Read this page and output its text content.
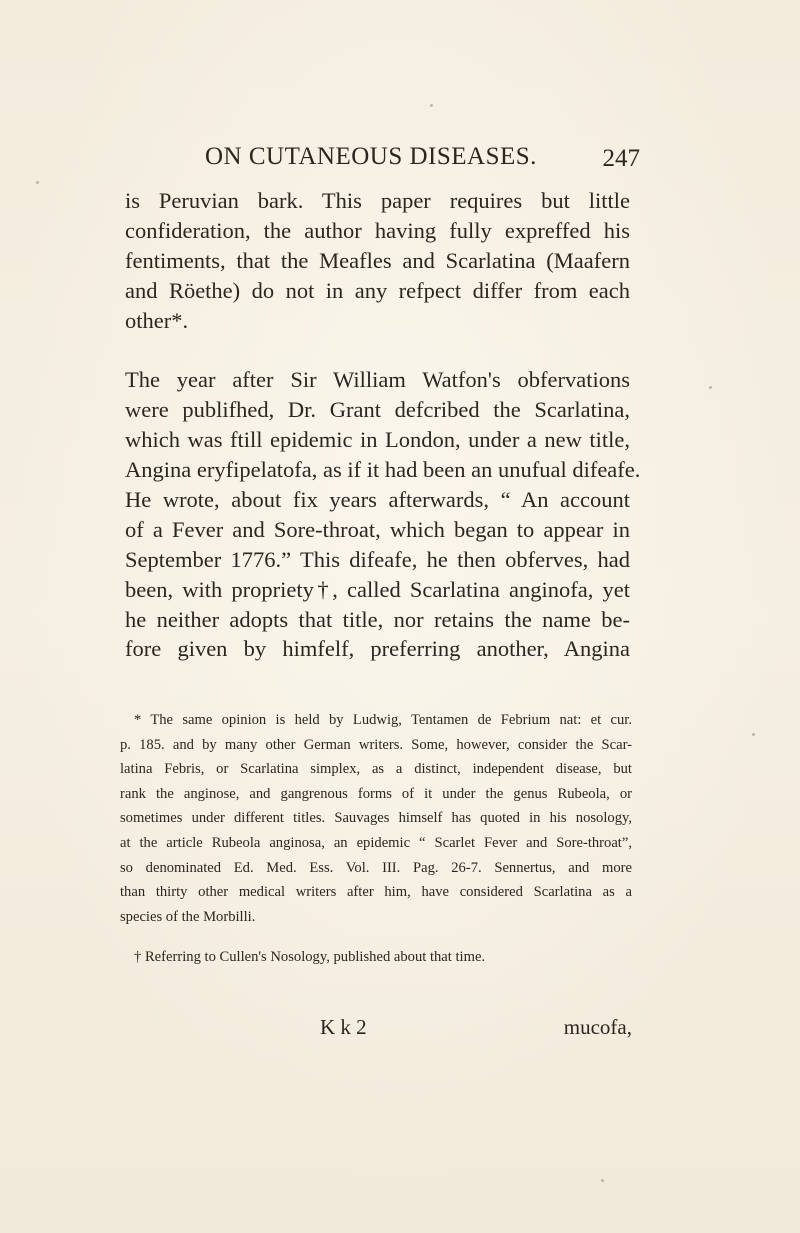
ON CUTANEOUS DISEASES.	247
is Peruvian bark. This paper requires but little
confideration, the author having fully expreffed his
fentiments, that the Meafles and Scarlatina (Maafern
and Röethe) do not in any refpect differ from each
other*.
The year after Sir William Watfon's obfervations
were publifhed, Dr. Grant defcribed the Scarlatina,
which was ftill epidemic in London, under a new title,
Angina eryfipelatofa, as if it had been an unufual difeafe.
He wrote, about fix years afterwards, “ An account
of a Fever and Sore-throat, which began to appear in
September 1776.” This difeafe, he then obferves, had
been, with propriety†, called Scarlatina anginofa, yet
he neither adopts that title, nor retains the name be-
fore given by himfelf, preferring another, Angina
* The same opinion is held by Ludwig, Tentamen de Febrium nat: et cur.
p. 185. and by many other German writers. Some, however, consider the Scar-
latina Febris, or Scarlatina simplex, as a distinct, independent disease, but
rank the anginose, and gangrenous forms of it under the genus Rubeola, or
sometimes under different titles. Sauvages himself has quoted in his nosology,
at the article Rubeola anginosa, an epidemic “ Scarlet Fever and Sore-throat”,
so denominated Ed. Med. Ess. Vol. III. Pag. 26-7. Sennertus, and more
than thirty other medical writers after him, have considered Scarlatina as a
species of the Morbilli.
† Referring to Cullen's Nosology, published about that time.
K k 2	mucofa,
